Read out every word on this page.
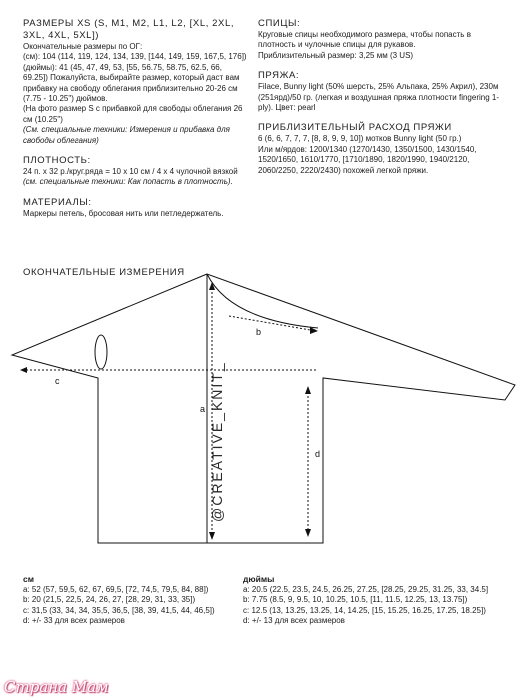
РАЗМЕРЫ XS (S, M1, M2, L1, L2, [XL, 2XL, 3XL, 4XL, 5XL])

Окончательные размеры по ОГ:

(см): 104 (114, 119, 124, 134, 139, [144, 149, 159, 167,5, 176])

(дюймы): 41 (45, 47, 49, 53, [55, 56.75, 58.75, 62.5, 66, 69.25]) Пожалуйста, выбирайте размер, который даст вам прибавку на свободу облегания приблизительно 20-26 см (7.75 - 10.25") дюймов.

(На фото размер S с прибавкой для свободы облегания 26 см (10.25")

(См. специальные техники: Измерения и прибавка для свободы облегания)

ПЛОТНОСТЬ:

24 п. х 32 р./круг.ряда = 10 х 10 см / 4 х 4 чулочной вязкой

(см. специальные техники: Как попасть в плотность).

МАТЕРИАЛЫ:

Маркеры петель, бросовая нить или петледержатель.

СПИЦЫ:

Круговые спицы необходимого размера, чтобы попасть в плотность и чулочные спицы для рукавов.

Приблизительный размер: 3,25 мм (3 US)

ПРЯЖА:

Filace, Bunny light (50% шерсть, 25% Альпака, 25% Акрил), 230м (251ярд)/50 гр. (легкая и воздушная пряжа плотности fingering 1-ply). Цвет: pearl

ПРИБЛИЗИТЕЛЬНЫЙ РАСХОД ПРЯЖИ

6 (6, 6, 7, 7, 7, [8, 8, 9, 9, 10]) мотков Bunny light (50 гр.)

Или м/ярдов: 1200/1340 (1270/1430, 1350/1500, 1430/1540, 1520/1650, 1610/1770, [1710/1890, 1820/1990, 1940/2120, 2060/2250, 2220/2430) похожей легкой пряжи.

ОКОНЧАТЕЛЬНЫЕ ИЗМЕРЕНИЯ
a
b
c
d
@CREATIVE_KNIT_
см
a: 52 (57, 59,5, 62, 67, 69,5, [72, 74,5, 79,5, 84, 88])
b: 20 (21,5, 22,5, 24, 26, 27, [28, 29, 31, 33, 35])
c: 31,5 (33, 34, 34, 35,5, 36,5, [38, 39, 41,5, 44, 46,5])
d: +/- 33 для всех размеров
дюймы
a: 20.5 (22.5, 23.5, 24.5, 26.25, 27.25, [28.25, 29.25, 31.25, 33, 34.5]
b: 7.75 (8.5, 9, 9.5, 10, 10.25, 10.5, [11, 11.5, 12.25, 13, 13.75])
c: 12.5 (13, 13.25, 13.25, 14, 14.25, [15, 15.25, 16.25, 17.25, 18.25])
d: +/- 13 для всех размеров
Страна Мам
